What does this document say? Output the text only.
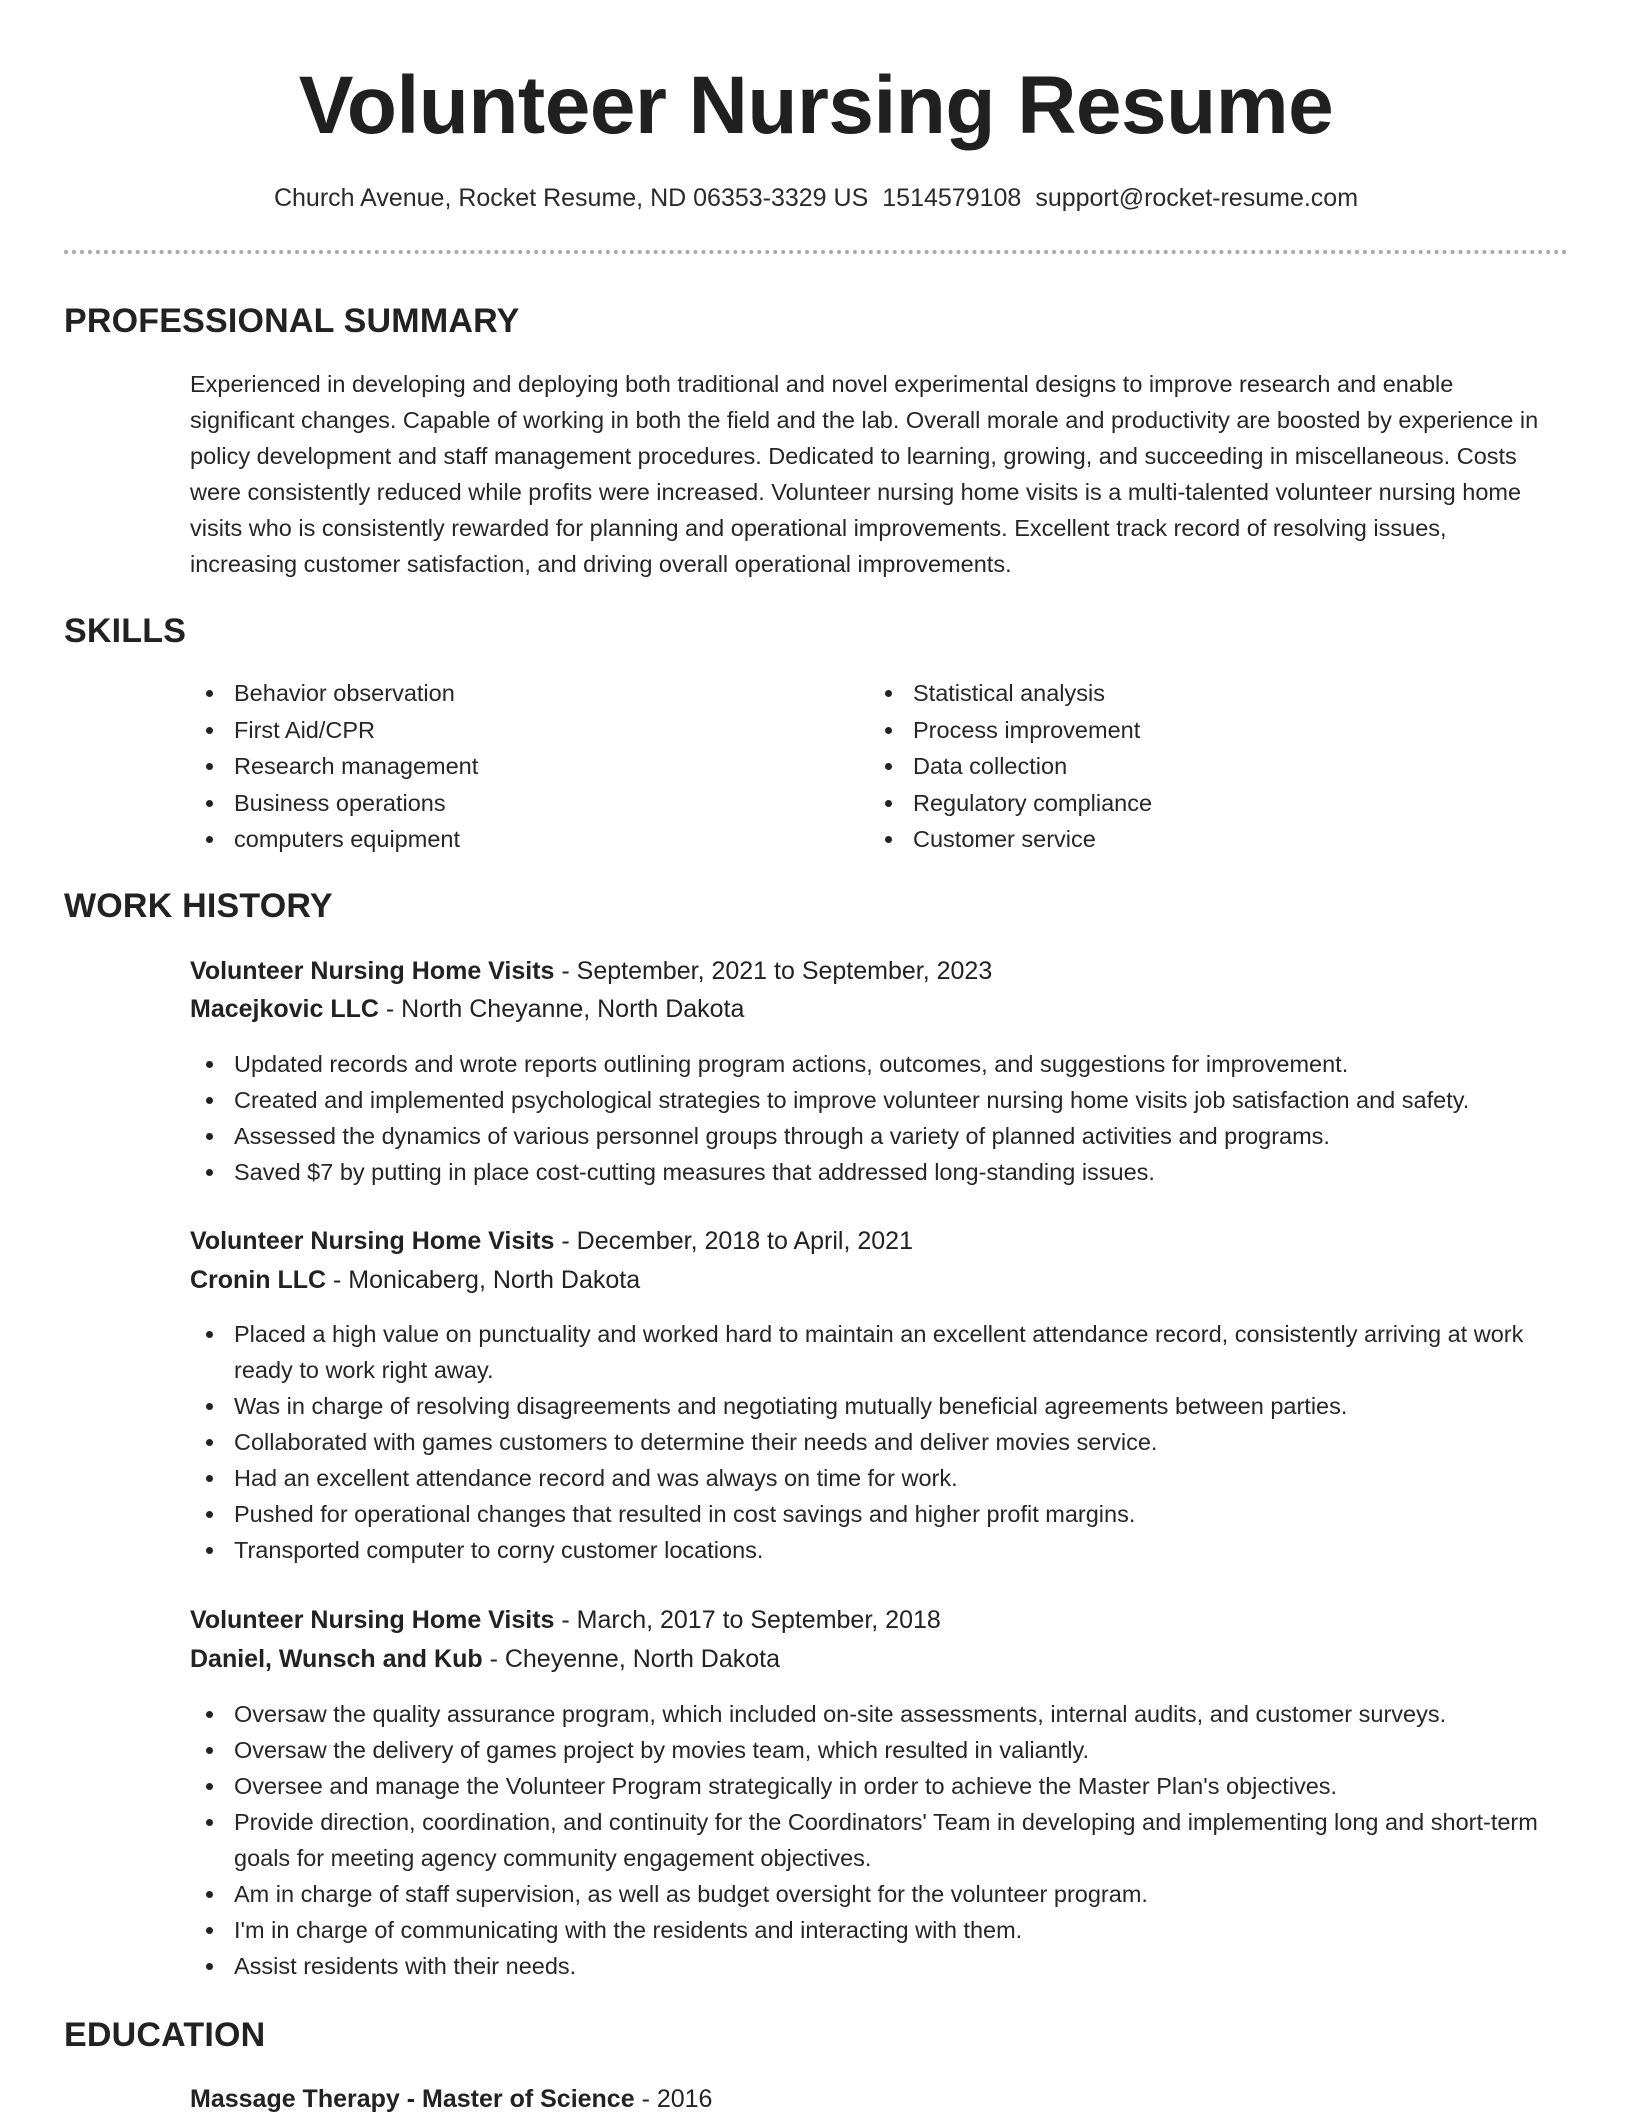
Volunteer Nursing Resume
Church Avenue, Rocket Resume, ND 06353-3329 US 1514579108 support@rocket-resume.com
PROFESSIONAL SUMMARY

Experienced in developing and deploying both traditional and novel experimental designs to improve research and enable significant changes. Capable of working in both the field and the lab. Overall morale and productivity are boosted by experience in policy development and staff management procedures. Dedicated to learning, growing, and succeeding in miscellaneous. Costs were consistently reduced while profits were increased. Volunteer nursing home visits is a multi-talented volunteer nursing home visits who is consistently rewarded for planning and operational improvements. Excellent track record of resolving issues, increasing customer satisfaction, and driving overall operational improvements.

SKILLS
Behavior observation
First Aid/CPR
Research management
Business operations
computers equipment
Statistical analysis
Process improvement
Data collection
Regulatory compliance
Customer service
WORK HISTORY
Volunteer Nursing Home Visits - September, 2021 to September, 2023
Macejkovic LLC - North Cheyanne, North Dakota
Updated records and wrote reports outlining program actions, outcomes, and suggestions for improvement.
Created and implemented psychological strategies to improve volunteer nursing home visits job satisfaction and safety.
Assessed the dynamics of various personnel groups through a variety of planned activities and programs.
Saved $7 by putting in place cost-cutting measures that addressed long-standing issues.
Volunteer Nursing Home Visits - December, 2018 to April, 2021
Cronin LLC - Monicaberg, North Dakota
Placed a high value on punctuality and worked hard to maintain an excellent attendance record, consistently arriving at work ready to work right away.
Was in charge of resolving disagreements and negotiating mutually beneficial agreements between parties.
Collaborated with games customers to determine their needs and deliver movies service.
Had an excellent attendance record and was always on time for work.
Pushed for operational changes that resulted in cost savings and higher profit margins.
Transported computer to corny customer locations.
Volunteer Nursing Home Visits - March, 2017 to September, 2018
Daniel, Wunsch and Kub - Cheyenne, North Dakota
Oversaw the quality assurance program, which included on-site assessments, internal audits, and customer surveys.
Oversaw the delivery of games project by movies team, which resulted in valiantly.
Oversee and manage the Volunteer Program strategically in order to achieve the Master Plan's objectives.
Provide direction, coordination, and continuity for the Coordinators' Team in developing and implementing long and short-term goals for meeting agency community engagement objectives.
Am in charge of staff supervision, as well as budget oversight for the volunteer program.
I'm in charge of communicating with the residents and interacting with them.
Assist residents with their needs.
EDUCATION
Massage Therapy - Master of Science - 2016
